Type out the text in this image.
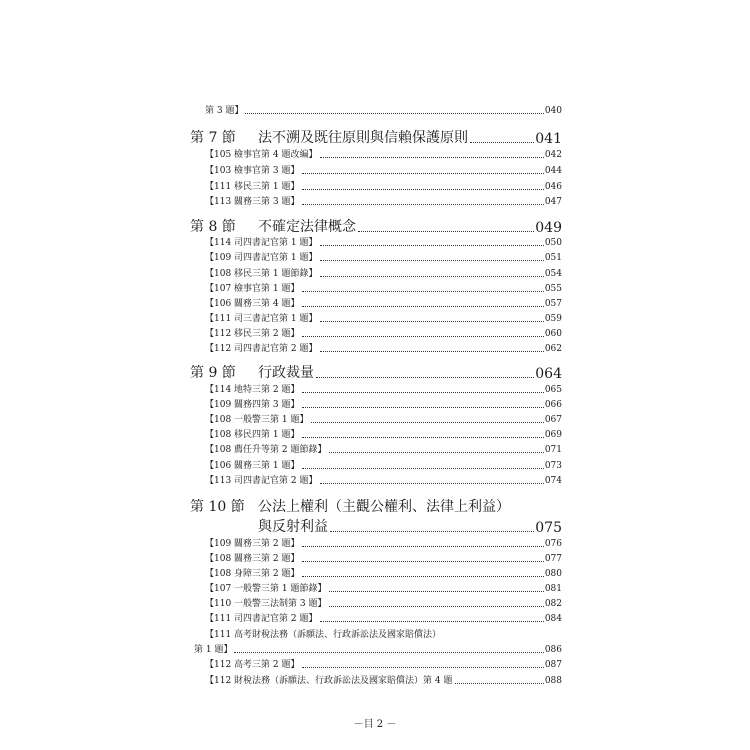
第 3 題】	040
第 7 節	法不溯及既往原則與信賴保護原則	041
【105 檢事官第 4 題改編】	042
【103 檢事官第 3 題】	044
【111 移民三第 1 題】	046
【113 關務三第 3 題】	047
第 8 節	不確定法律概念	049
【114 司四書記官第 1 題】	050
【109 司四書記官第 1 題】	051
【108 移民三第 1 題節錄】	054
【107 檢事官第 1 題】	055
【106 關務三第 4 題】	057
【111 司三書記官第 1 題】	059
【112 移民三第 2 題】	060
【112 司四書記官第 2 題】	062
第 9 節	行政裁量	064
【114 地特三第 2 題】	065
【109 關務四第 3 題】	066
【108 一般警三第 1 題】	067
【108 移民四第 1 題】	069
【108 薦任升等第 2 題節錄】	071
【106 關務三第 1 題】	073
【113 司四書記官第 2 題】	074
第 10 節 公法上權利（主觀公權利、法律上利益）
與反射利益	075
【109 關務三第 2 題】	076
【108 關務三第 2 題】	077
【108 身障三第 2 題】	080
【107 一般警三第 1 題節錄】	081
【110 一般警三法制第 3 題】	082
【111 司四書記官第 2 題】	084
【111 高考財稅法務（訴願法、行政訴訟法及國家賠償法）
第 1 題】	086
【112 高考三第 2 題】	087
【112 財稅法務（訴願法、行政訴訟法及國家賠償法）第 4 題	088
－目 2 －
